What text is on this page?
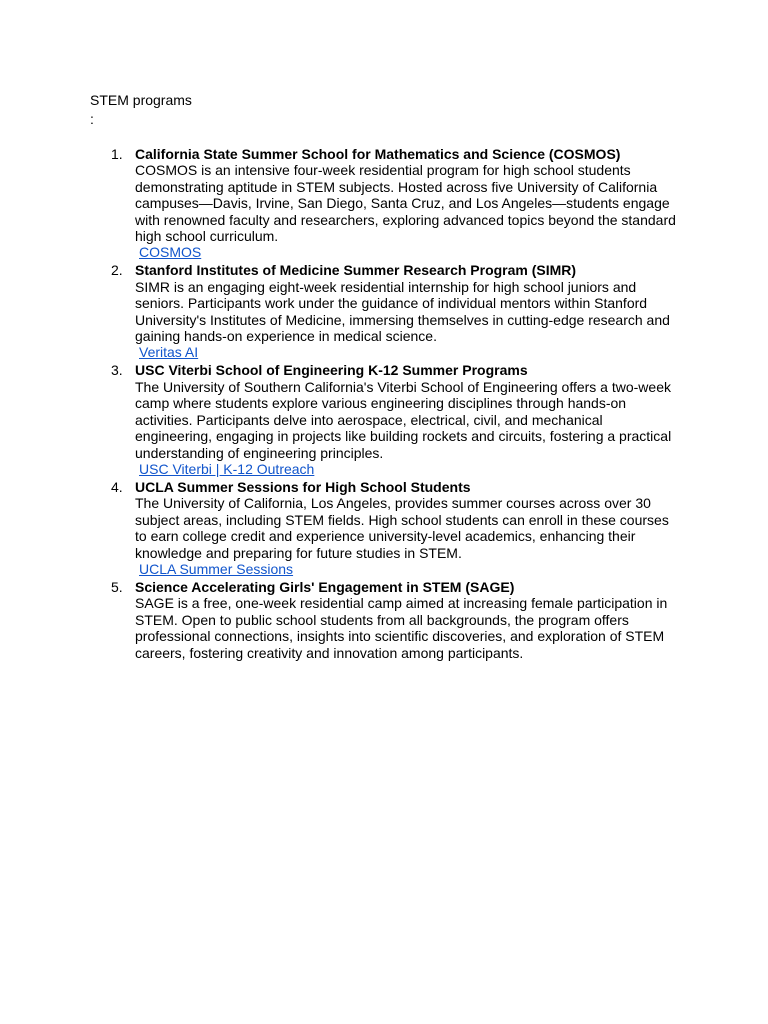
STEM programs
:
1. California State Summer School for Mathematics and Science (COSMOS)
COSMOS is an intensive four-week residential program for high school students demonstrating aptitude in STEM subjects. Hosted across five University of California campuses—Davis, Irvine, San Diego, Santa Cruz, and Los Angeles—students engage with renowned faculty and researchers, exploring advanced topics beyond the standard high school curriculum.
COSMOS
2. Stanford Institutes of Medicine Summer Research Program (SIMR)
SIMR is an engaging eight-week residential internship for high school juniors and seniors. Participants work under the guidance of individual mentors within Stanford University's Institutes of Medicine, immersing themselves in cutting-edge research and gaining hands-on experience in medical science.
Veritas AI
3. USC Viterbi School of Engineering K-12 Summer Programs
The University of Southern California's Viterbi School of Engineering offers a two-week camp where students explore various engineering disciplines through hands-on activities. Participants delve into aerospace, electrical, civil, and mechanical engineering, engaging in projects like building rockets and circuits, fostering a practical understanding of engineering principles.
USC Viterbi | K-12 Outreach
4. UCLA Summer Sessions for High School Students
The University of California, Los Angeles, provides summer courses across over 30 subject areas, including STEM fields. High school students can enroll in these courses to earn college credit and experience university-level academics, enhancing their knowledge and preparing for future studies in STEM.
UCLA Summer Sessions
5. Science Accelerating Girls' Engagement in STEM (SAGE)
SAGE is a free, one-week residential camp aimed at increasing female participation in STEM. Open to public school students from all backgrounds, the program offers professional connections, insights into scientific discoveries, and exploration of STEM careers, fostering creativity and innovation among participants.
